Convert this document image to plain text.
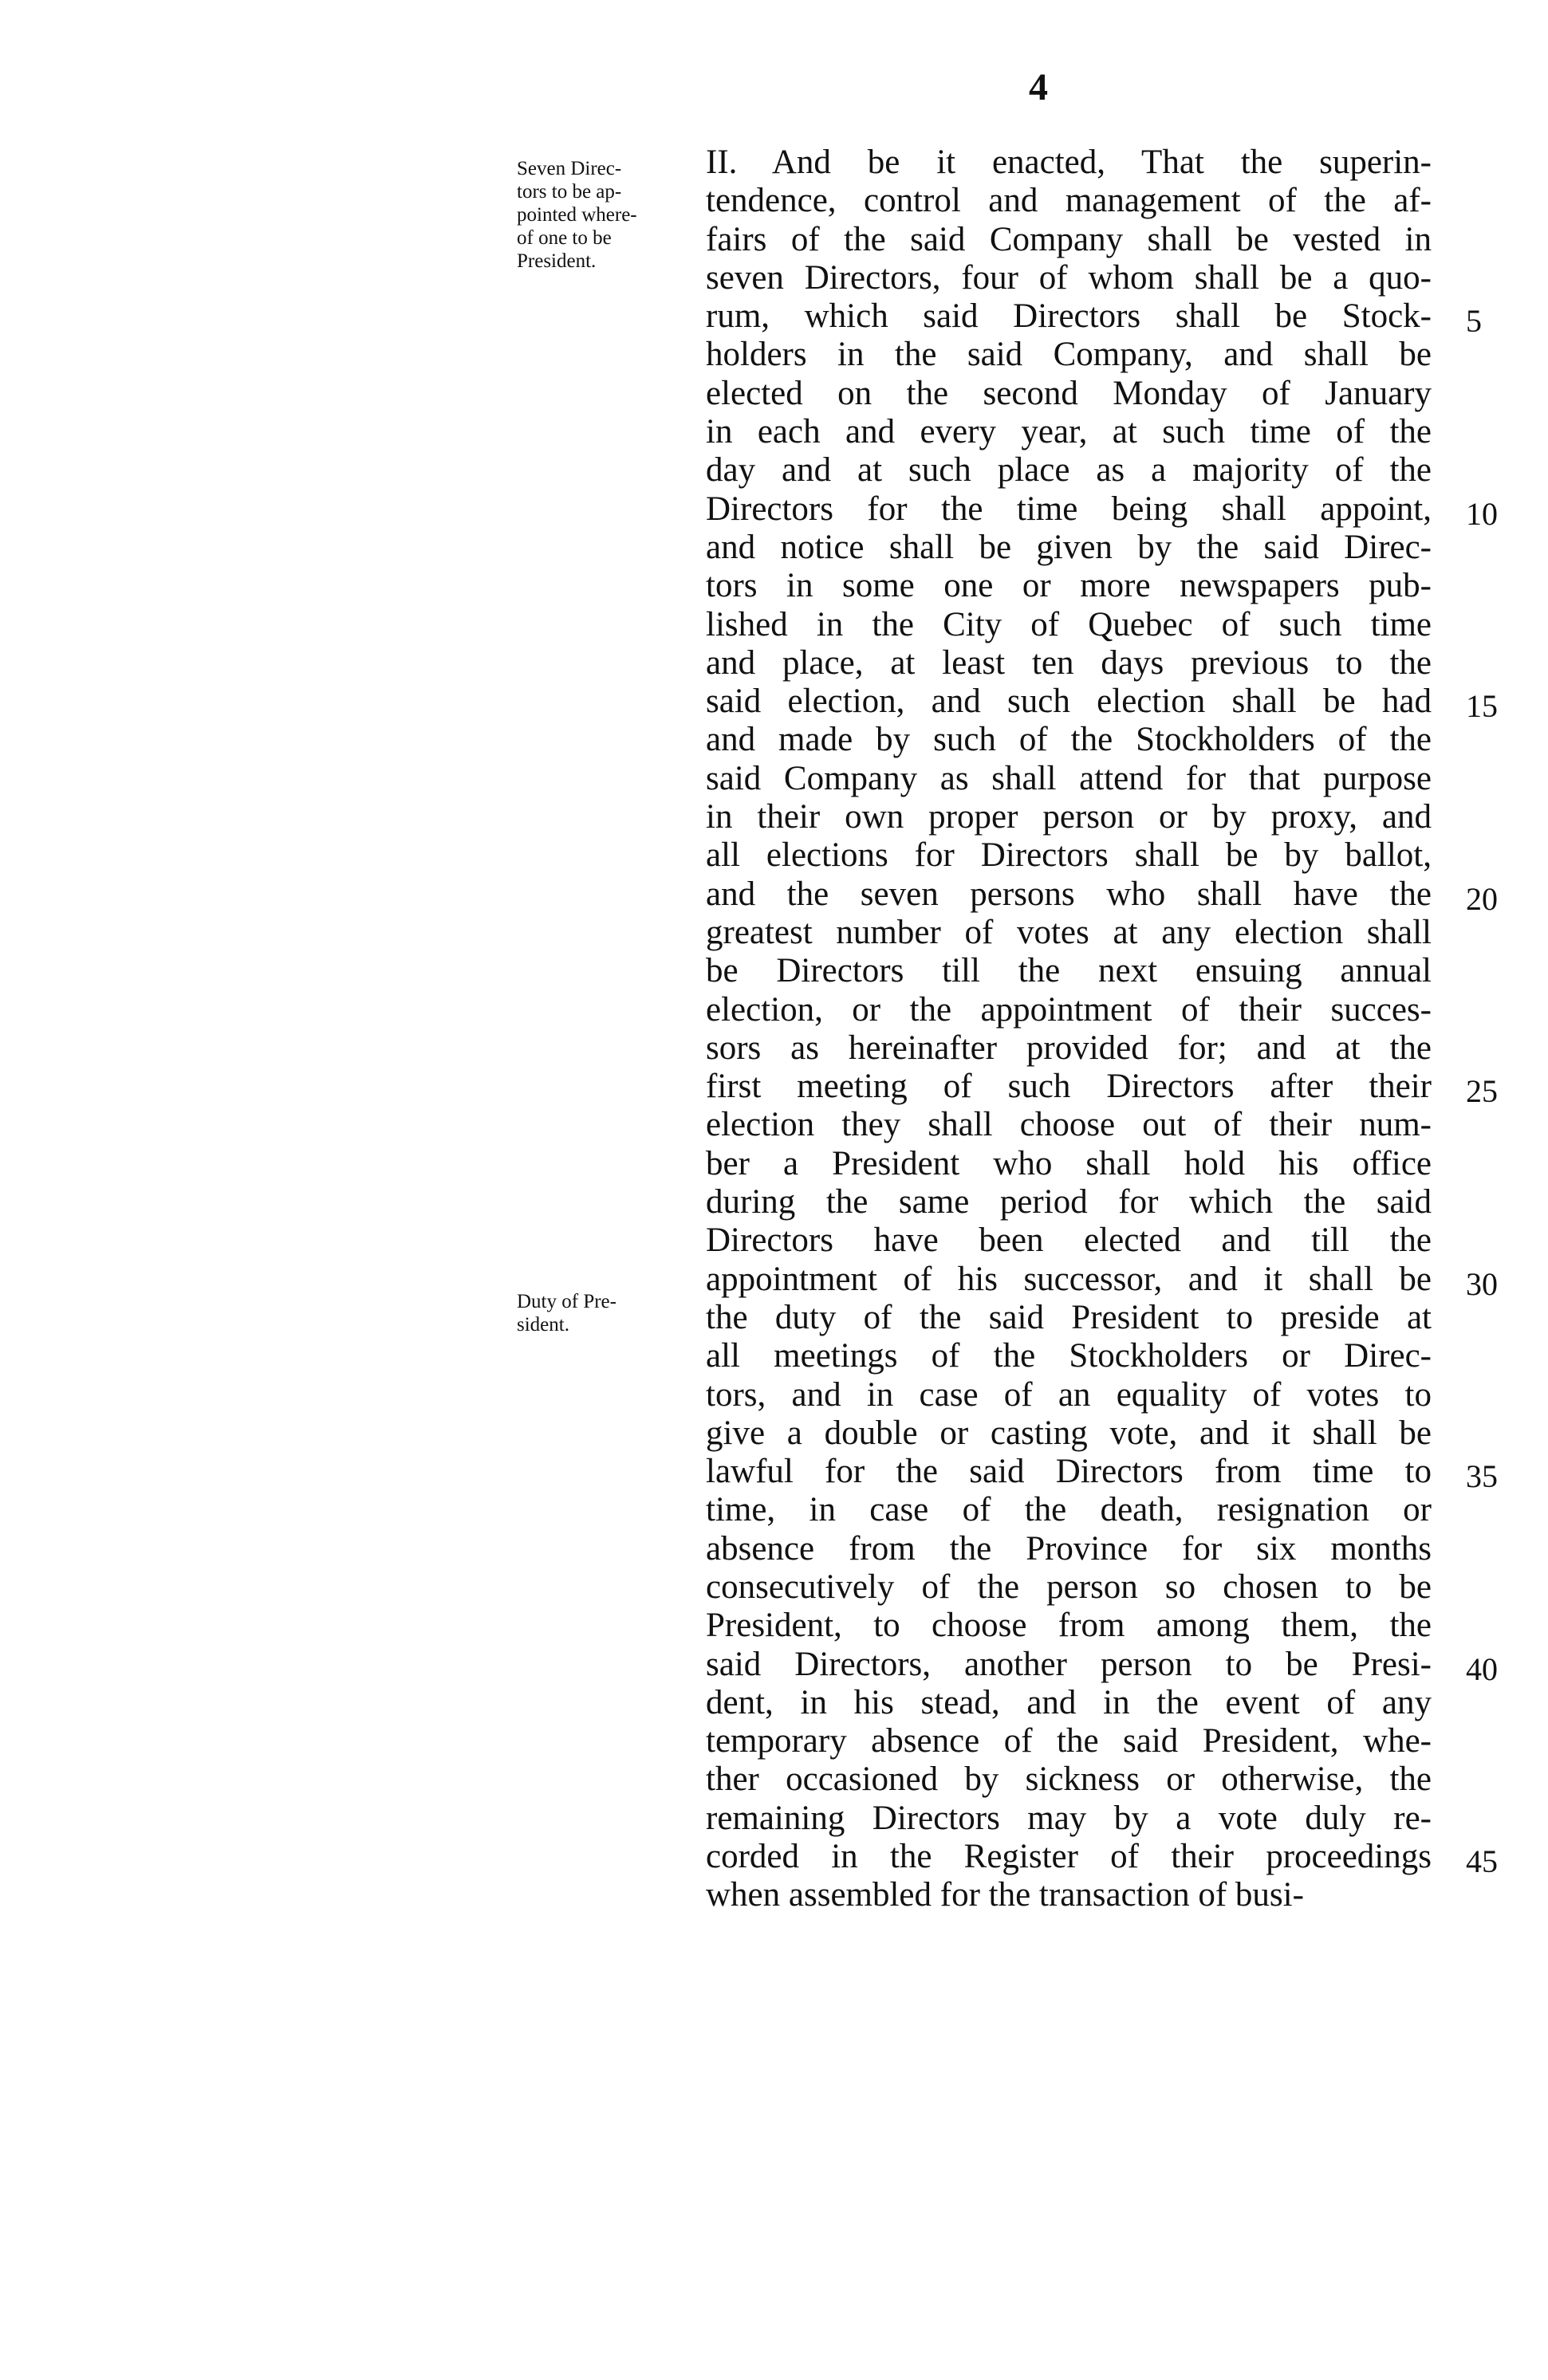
4
Seven Direc-
tors to be ap-
pointed where-
of one to be
President.
Duty of Pre-
sident.
II. And be it enacted, That the superin-
tendence, control and management of the af-
fairs of the said Company shall be vested in
seven Directors, four of whom shall be a quo-
rum, which said Directors shall be Stock-
holders in the said Company, and shall be
elected on the second Monday of January
in each and every year, at such time of the
day and at such place as a majority of the
Directors for the time being shall appoint,
and notice shall be given by the said Direc-
tors in some one or more newspapers pub-
lished in the City of Quebec of such time
and place, at least ten days previous to the
said election, and such election shall be had
and made by such of the Stockholders of the
said Company as shall attend for that purpose
in their own proper person or by proxy, and
all elections for Directors shall be by ballot,
and the seven persons who shall have the
greatest number of votes at any election shall
be Directors till the next ensuing annual
election, or the appointment of their succes-
sors as hereinafter provided for; and at the
first meeting of such Directors after their
election they shall choose out of their num-
ber a President who shall hold his office
during the same period for which the said
Directors have been elected and till the
appointment of his successor, and it shall be
the duty of the said President to preside at
all meetings of the Stockholders or Direc-
tors, and in case of an equality of votes to
give a double or casting vote, and it shall be
lawful for the said Directors from time to
time, in case of the death, resignation or
absence from the Province for six months
consecutively of the person so chosen to be
President, to choose from among them, the
said Directors, another person to be Presi-
dent, in his stead, and in the event of any
temporary absence of the said President, whe-
ther occasioned by sickness or otherwise, the
remaining Directors may by a vote duly re-
corded in the Register of their proceedings
when assembled for the transaction of busi-
5
10
15
20
25
30
35
40
45
